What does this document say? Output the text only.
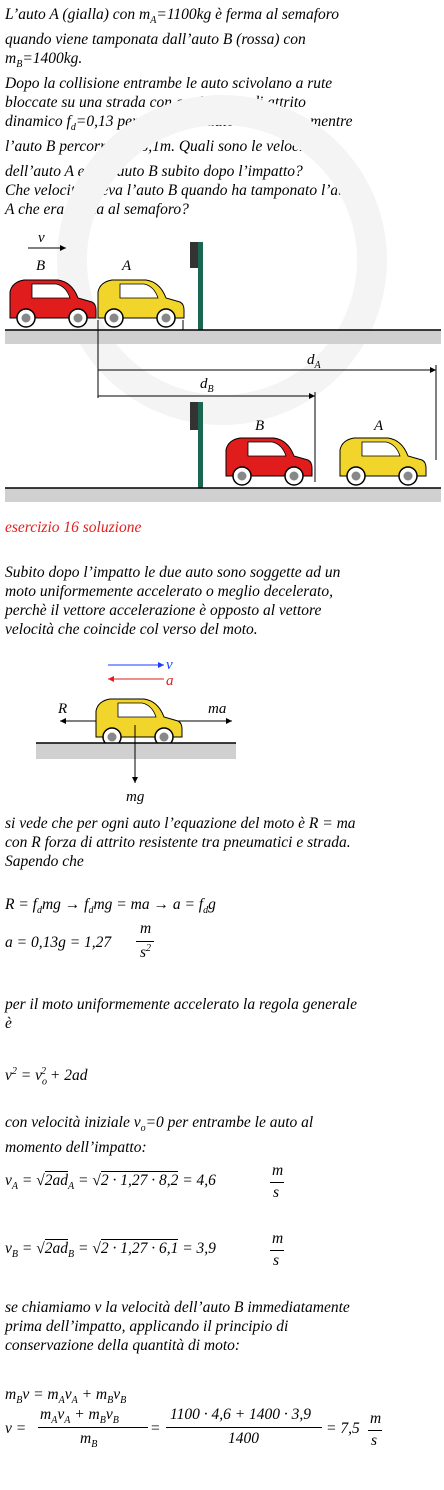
L’auto A (gialla) con $m_A=1100kg$ è ferma al semaforo
quando viene tamponata dall’auto B (rossa) con
$m_B=1400kg$.
Dopo la collisione entrambe le auto scivolano a rute
bloccate su una strada con coefficiente di attrito
dinamico $f_d=0,13$ percorrendo l’auto A $d_A=8,2m$ mentre
l’auto B percorre $d_B=6,1m$. Quali sono le velocità
dell’auto A e dell’auto B subito dopo l’impatto?
Che velocità aveva l’auto B quando ha tamponato l’auto
A che era ferma al semaforo?
v
B	A
$d_A$
$d_B$
B	A
esercizio 16 soluzione
Subito dopo l’impatto le due auto sono soggette ad un
moto uniformemente accelerato o meglio decelerato,
perchè il vettore accelerazione è opposto al vettore
velocità che coincide col verso del moto.
v
a
R	ma
mg
si vede che per ogni auto l’equazione del moto è R = ma
con R forza di attrito resistente tra pneumatici e strada.
Sapendo che
$R = f_dmg \to f_dmg$ = ma → $a = f_dg$
a = 0,13g = 1,27
m
$s^2$
per il moto uniformemente accelerato la regola generale
è
$v^2 = v_o^2 + 2ad$
con velocità iniziale $v_o=0$ per entrambe le auto al
momento dell’impatto:
$v_A = √2ad_A = √2 \cdot 1,27 \cdot 8,2 = 4,6$
m
s
$v_B = √2ad_B = √2 \cdot 1,27 \cdot 6,1 = 3,9$
m
s
se chiamiamo v la velocità dell’auto B immediatamente
prima dell’impatto, applicando il principio di
conservazione della quantità di moto:
$m_Bv = m_Av_A + m_Bv_B$
v =
$m_Av_A + m_Bv_B$
$m_B$
=
1100 · 4,6 + 1400 · 3,9
1400
= 7,5
m
s
